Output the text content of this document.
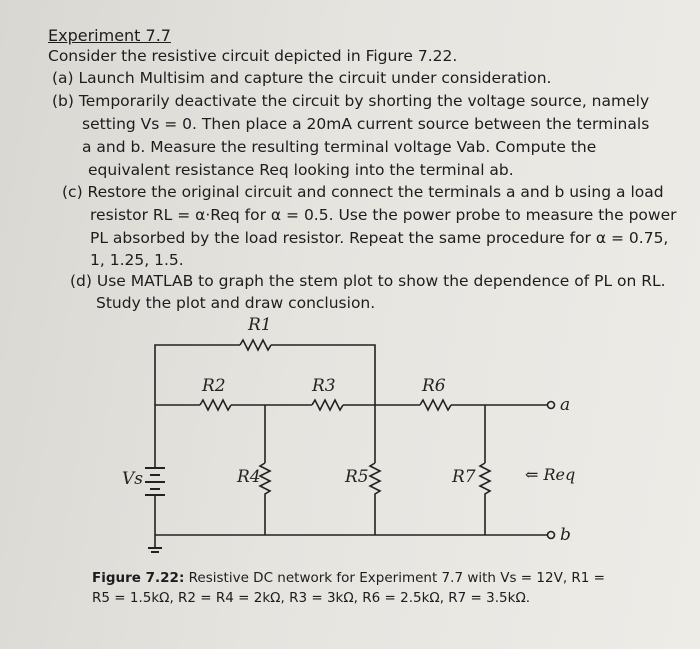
Experiment 7.7
Consider the resistive circuit depicted in Figure 7.22.
(a) Launch Multisim and capture the circuit under consideration.
(b) Temporarily deactivate the circuit by shorting the voltage source, namely
setting Vs = 0. Then place a 20mA current source between the terminals
a and b. Measure the resulting terminal voltage Vab. Compute the
equivalent resistance Req looking into the terminal ab.
(c) Restore the original circuit and connect the terminals a and b using a load
resistor RL = α·Req for α = 0.5. Use the power probe to measure the power
PL absorbed by the load resistor. Repeat the same procedure for α = 0.75,
1, 1.25, 1.5.
(d) Use MATLAB to graph the stem plot to show the dependence of PL on RL.
Study the plot and draw conclusion.
R1
R2	R3	R6
R4	R5	R7
Vs
a
b
⇐ Req
Figure 7.22: Resistive DC network for Experiment 7.7 with Vs = 12V, R1 =
R5 = 1.5kΩ, R2 = R4 = 2kΩ, R3 = 3kΩ, R6 = 2.5kΩ, R7 = 3.5kΩ.
